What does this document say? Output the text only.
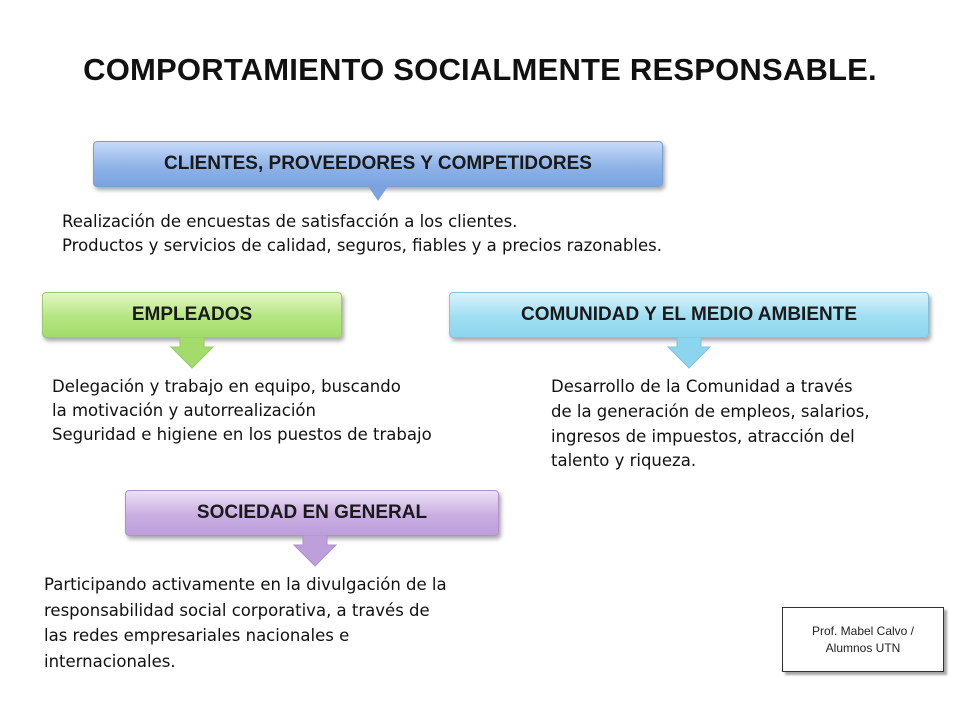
COMPORTAMIENTO SOCIALMENTE RESPONSABLE.
CLIENTES, PROVEEDORES Y COMPETIDORES
Realización de encuestas de satisfacción a los clientes.
Productos y servicios de calidad, seguros, fiables y a precios razonables.
EMPLEADOS
Delegación y trabajo en equipo, buscando
la motivación y autorrealización
Seguridad e higiene en los puestos de trabajo
COMUNIDAD Y EL MEDIO AMBIENTE
Desarrollo de la Comunidad a través
de la generación de empleos, salarios,
ingresos de impuestos, atracción del
talento y riqueza.
SOCIEDAD EN GENERAL
Participando activamente en la divulgación de la
responsabilidad social corporativa, a través de
las redes empresariales nacionales e
internacionales.
Prof. Mabel Calvo /
Alumnos UTN
